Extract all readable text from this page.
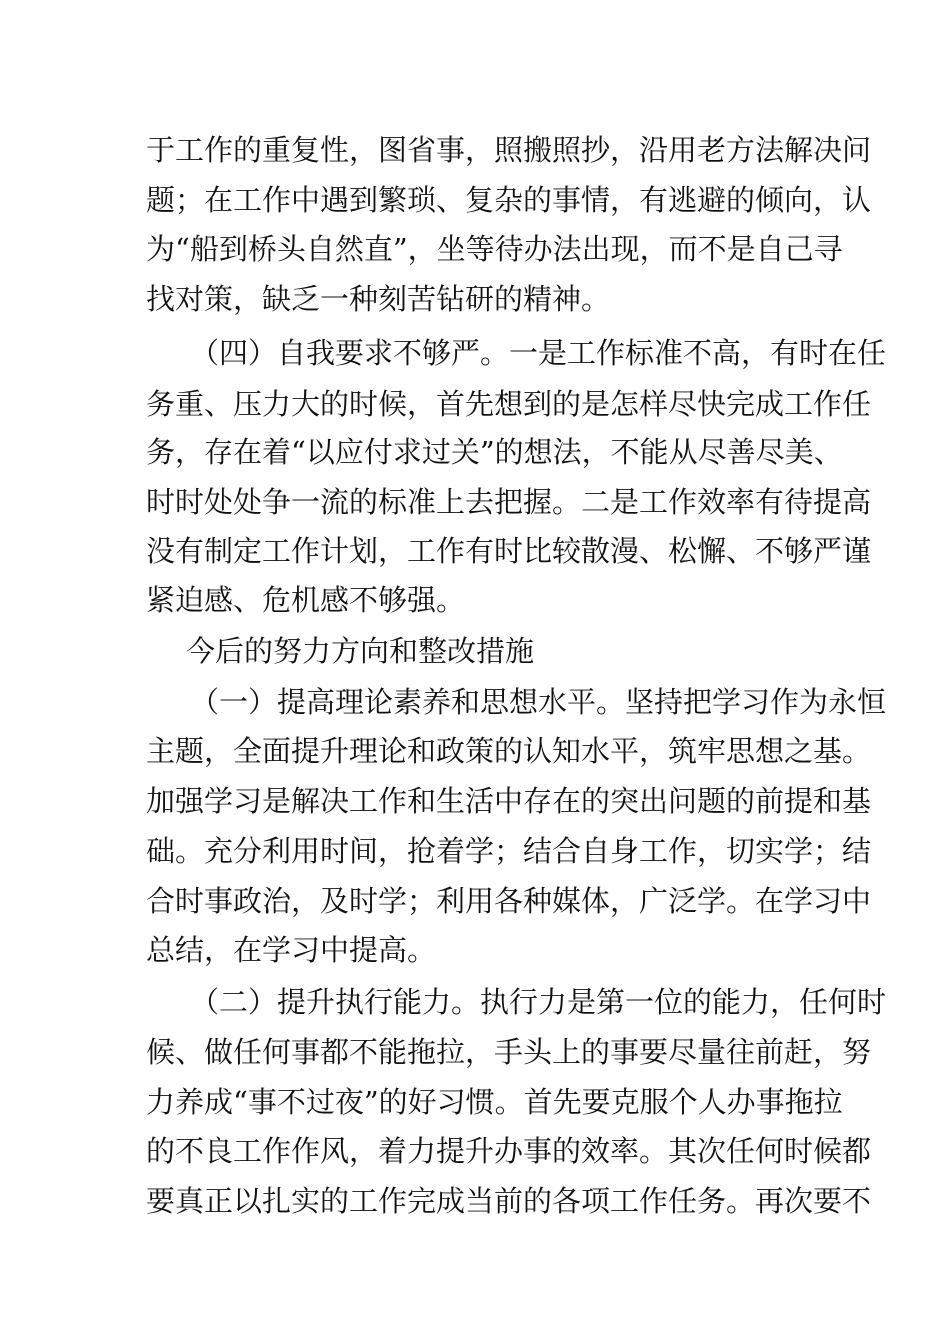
于工作的重复性，图省事，照搬照抄，沿用老方法解决问
题；在工作中遇到繁琐、复杂的事情，有逃避的倾向，认
为“船到桥头自然直”，坐等待办法出现，而不是自己寻
找对策，缺乏一种刻苦钻研的精神。
（四）自我要求不够严。一是工作标准不高，有时在任
务重、压力大的时候，首先想到的是怎样尽快完成工作任
务，存在着“以应付求过关”的想法，不能从尽善尽美、
时时处处争一流的标准上去把握。二是工作效率有待提高
没有制定工作计划，工作有时比较散漫、松懈、不够严谨
紧迫感、危机感不够强。
今后的努力方向和整改措施
（一）提高理论素养和思想水平。坚持把学习作为永恒
主题，全面提升理论和政策的认知水平，筑牢思想之基。
加强学习是解决工作和生活中存在的突出问题的前提和基
础。充分利用时间，抢着学；结合自身工作，切实学；结
合时事政治，及时学；利用各种媒体，广泛学。在学习中
总结，在学习中提高。
（二）提升执行能力。执行力是第一位的能力，任何时
候、做任何事都不能拖拉，手头上的事要尽量往前赶，努
力养成“事不过夜”的好习惯。首先要克服个人办事拖拉
的不良工作作风，着力提升办事的效率。其次任何时候都
要真正以扎实的工作完成当前的各项工作任务。再次要不
